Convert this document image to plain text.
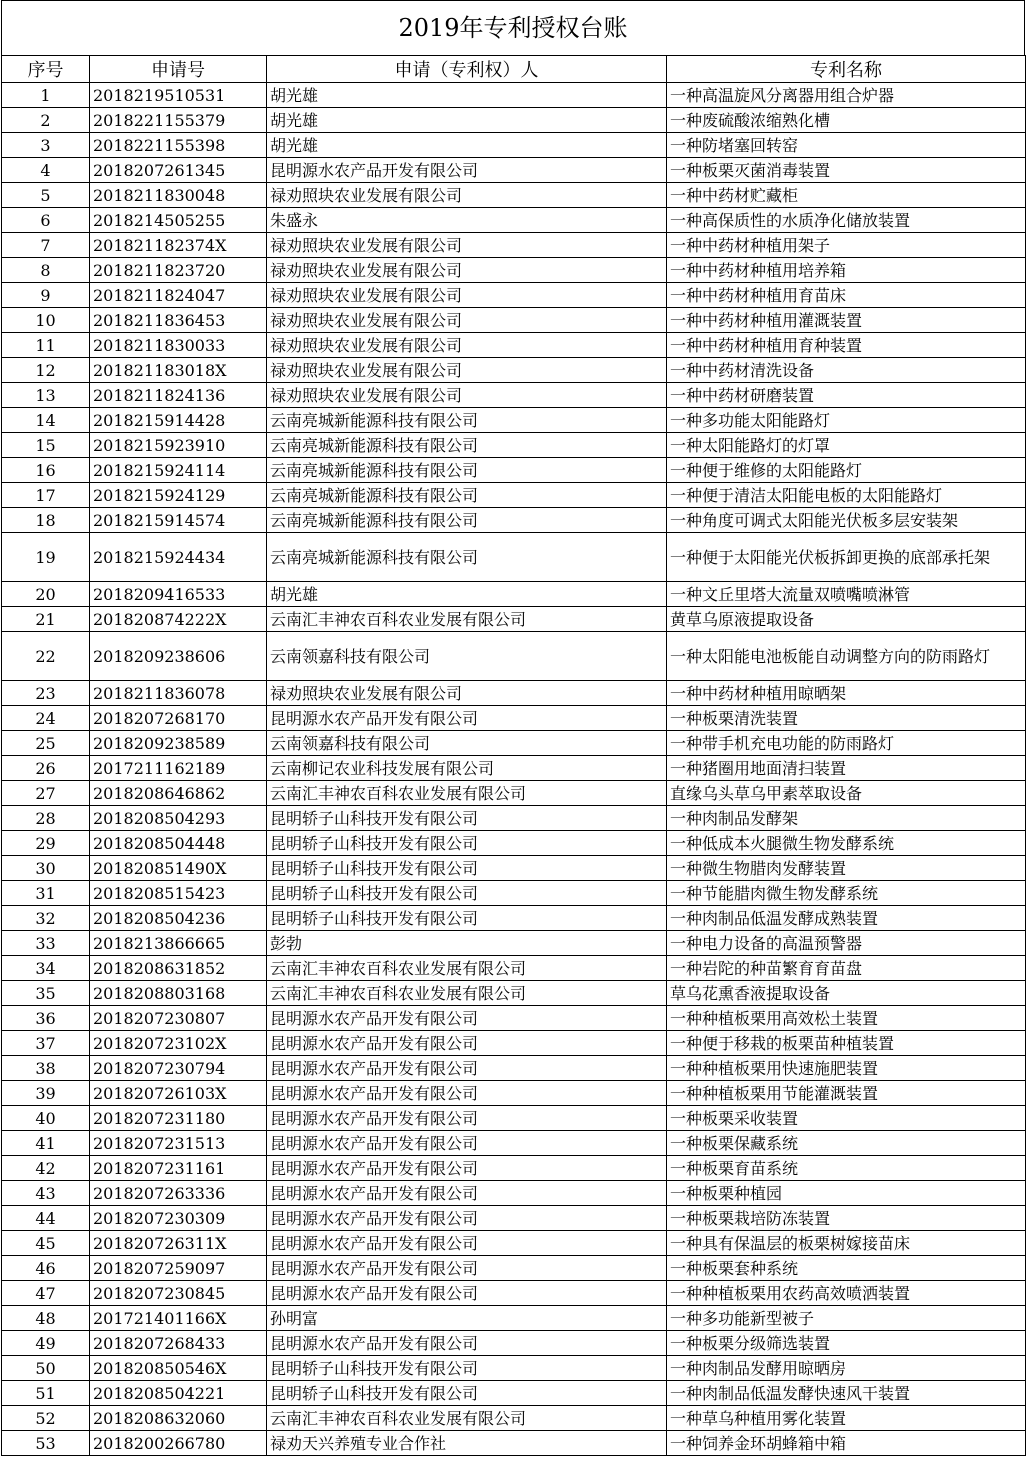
2019年专利授权台账
序号	申请号	申请（专利权）人	专利名称
1	2018219510531	胡光雄	一种高温旋风分离器用组合炉器
2	2018221155379	胡光雄	一种废硫酸浓缩熟化槽
3	2018221155398	胡光雄	一种防堵塞回转窑
4	2018207261345	昆明源水农产品开发有限公司	一种板栗灭菌消毒装置
5	2018211830048	禄劝照块农业发展有限公司	一种中药材贮藏柜
6	2018214505255	朱盛永	一种高保质性的水质净化储放装置
7	201821182374X	禄劝照块农业发展有限公司	一种中药材种植用架子
8	2018211823720	禄劝照块农业发展有限公司	一种中药材种植用培养箱
9	2018211824047	禄劝照块农业发展有限公司	一种中药材种植用育苗床
10	2018211836453	禄劝照块农业发展有限公司	一种中药材种植用灌溉装置
11	2018211830033	禄劝照块农业发展有限公司	一种中药材种植用育种装置
12	201821183018X	禄劝照块农业发展有限公司	一种中药材清洗设备
13	2018211824136	禄劝照块农业发展有限公司	一种中药材研磨装置
14	2018215914428	云南亮城新能源科技有限公司	一种多功能太阳能路灯
15	2018215923910	云南亮城新能源科技有限公司	一种太阳能路灯的灯罩
16	2018215924114	云南亮城新能源科技有限公司	一种便于维修的太阳能路灯
17	2018215924129	云南亮城新能源科技有限公司	一种便于清洁太阳能电板的太阳能路灯
18	2018215914574	云南亮城新能源科技有限公司	一种角度可调式太阳能光伏板多层安装架
19	2018215924434	云南亮城新能源科技有限公司	一种便于太阳能光伏板拆卸更换的底部承托架
20	2018209416533	胡光雄	一种文丘里塔大流量双喷嘴喷淋管
21	201820874222X	云南汇丰神农百科农业发展有限公司	黄草乌原液提取设备
22	2018209238606	云南领嘉科技有限公司	一种太阳能电池板能自动调整方向的防雨路灯
23	2018211836078	禄劝照块农业发展有限公司	一种中药材种植用晾晒架
24	2018207268170	昆明源水农产品开发有限公司	一种板栗清洗装置
25	2018209238589	云南领嘉科技有限公司	一种带手机充电功能的防雨路灯
26	2017211162189	云南柳记农业科技发展有限公司	一种猪圈用地面清扫装置
27	2018208646862	云南汇丰神农百科农业发展有限公司	直缘乌头草乌甲素萃取设备
28	2018208504293	昆明轿子山科技开发有限公司	一种肉制品发酵架
29	2018208504448	昆明轿子山科技开发有限公司	一种低成本火腿微生物发酵系统
30	201820851490X	昆明轿子山科技开发有限公司	一种微生物腊肉发酵装置
31	2018208515423	昆明轿子山科技开发有限公司	一种节能腊肉微生物发酵系统
32	2018208504236	昆明轿子山科技开发有限公司	一种肉制品低温发酵成熟装置
33	2018213866665	彭勃	一种电力设备的高温预警器
34	2018208631852	云南汇丰神农百科农业发展有限公司	一种岩陀的种苗繁育育苗盘
35	2018208803168	云南汇丰神农百科农业发展有限公司	草乌花熏香液提取设备
36	2018207230807	昆明源水农产品开发有限公司	一种种植板栗用高效松土装置
37	201820723102X	昆明源水农产品开发有限公司	一种便于移栽的板栗苗种植装置
38	2018207230794	昆明源水农产品开发有限公司	一种种植板栗用快速施肥装置
39	201820726103X	昆明源水农产品开发有限公司	一种种植板栗用节能灌溉装置
40	2018207231180	昆明源水农产品开发有限公司	一种板栗采收装置
41	2018207231513	昆明源水农产品开发有限公司	一种板栗保藏系统
42	2018207231161	昆明源水农产品开发有限公司	一种板栗育苗系统
43	2018207263336	昆明源水农产品开发有限公司	一种板栗种植园
44	2018207230309	昆明源水农产品开发有限公司	一种板栗栽培防冻装置
45	201820726311X	昆明源水农产品开发有限公司	一种具有保温层的板栗树嫁接苗床
46	2018207259097	昆明源水农产品开发有限公司	一种板栗套种系统
47	2018207230845	昆明源水农产品开发有限公司	一种种植板栗用农药高效喷洒装置
48	201721401166X	孙明富	一种多功能新型被子
49	2018207268433	昆明源水农产品开发有限公司	一种板栗分级筛选装置
50	201820850546X	昆明轿子山科技开发有限公司	一种肉制品发酵用晾晒房
51	2018208504221	昆明轿子山科技开发有限公司	一种肉制品低温发酵快速风干装置
52	2018208632060	云南汇丰神农百科农业发展有限公司	一种草乌种植用雾化装置
53	2018200266780	禄劝天兴养殖专业合作社	一种饲养金环胡蜂箱中箱
